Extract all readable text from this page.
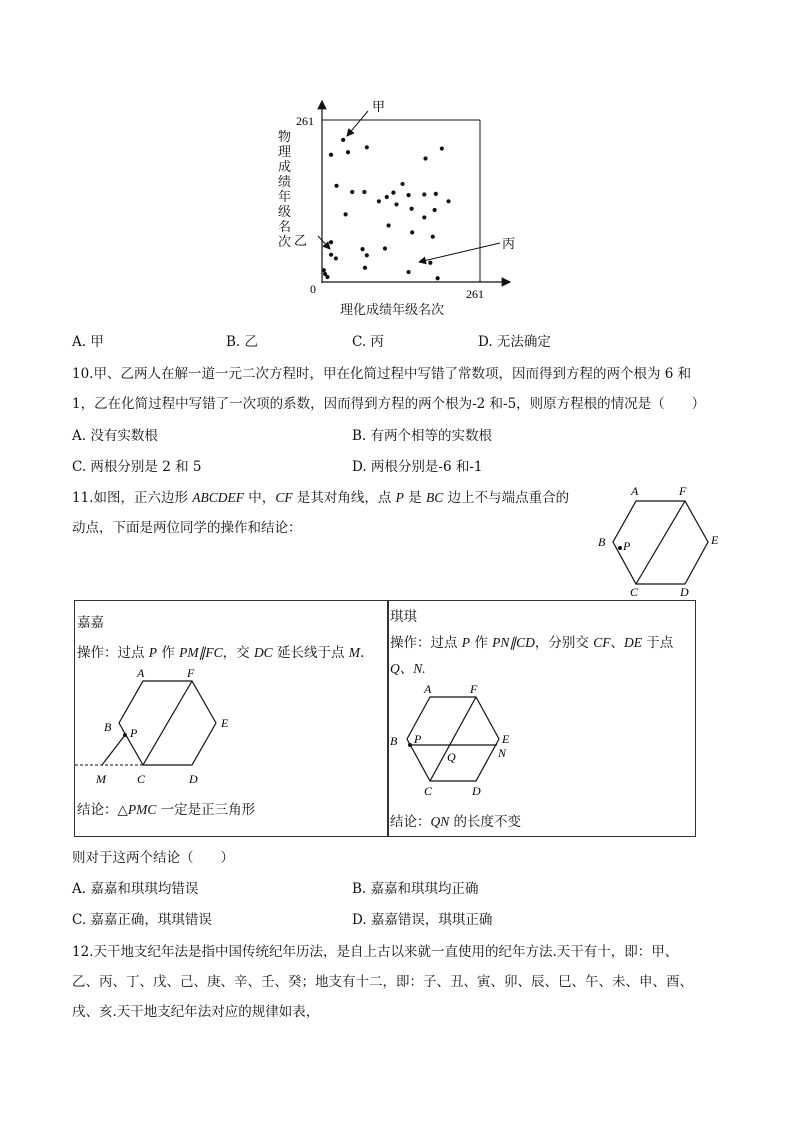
甲
乙	丙
261
261
0
物理成绩年级名次
理化成绩年级名次
A. 甲	B. 乙	C. 丙	D. 无法确定
10.甲、乙两人在解一道一元二次方程时，甲在化简过程中写错了常数项，因而得到方程的两个根为 6 和
1，乙在化简过程中写错了一次项的系数，因而得到方程的两个根为-2 和-5，则原方程根的情况是（　　）
A. 没有实数根	B. 有两个相等的实数根
C. 两根分别是 2 和 5	D. 两根分别是-6 和-1
11.如图，正六边形 ABCDEF 中，CF 是其对角线，点 P 是 BC 边上不与端点重合的
动点，下面是两位同学的操作和结论：
A	F
B P	E
C	D
嘉嘉
操作：过点 P 作 PM∥FC，交 DC 延长线于点 M.
A	F
B P
E
M	C	D
结论：△PMC 一定是正三角形
琪琪
操作：过点 P 作 PN∥CD，分别交 CF、DE 于点
Q、N.
A	F
B P	E
N
Q
C	D
结论：QN 的长度不变
则对于这两个结论（　　）
A. 嘉嘉和琪琪均错误	B. 嘉嘉和琪琪均正确
C. 嘉嘉正确，琪琪错误	D. 嘉嘉错误，琪琪正确
12.天干地支纪年法是指中国传统纪年历法，是自上古以来就一直使用的纪年方法.天干有十，即：甲、
乙、丙、丁、戊、己、庚、辛、壬、癸；地支有十二，即：子、丑、寅、卯、辰、巳、午、未、申、酉、
戌、亥.天干地支纪年法对应的规律如表，
